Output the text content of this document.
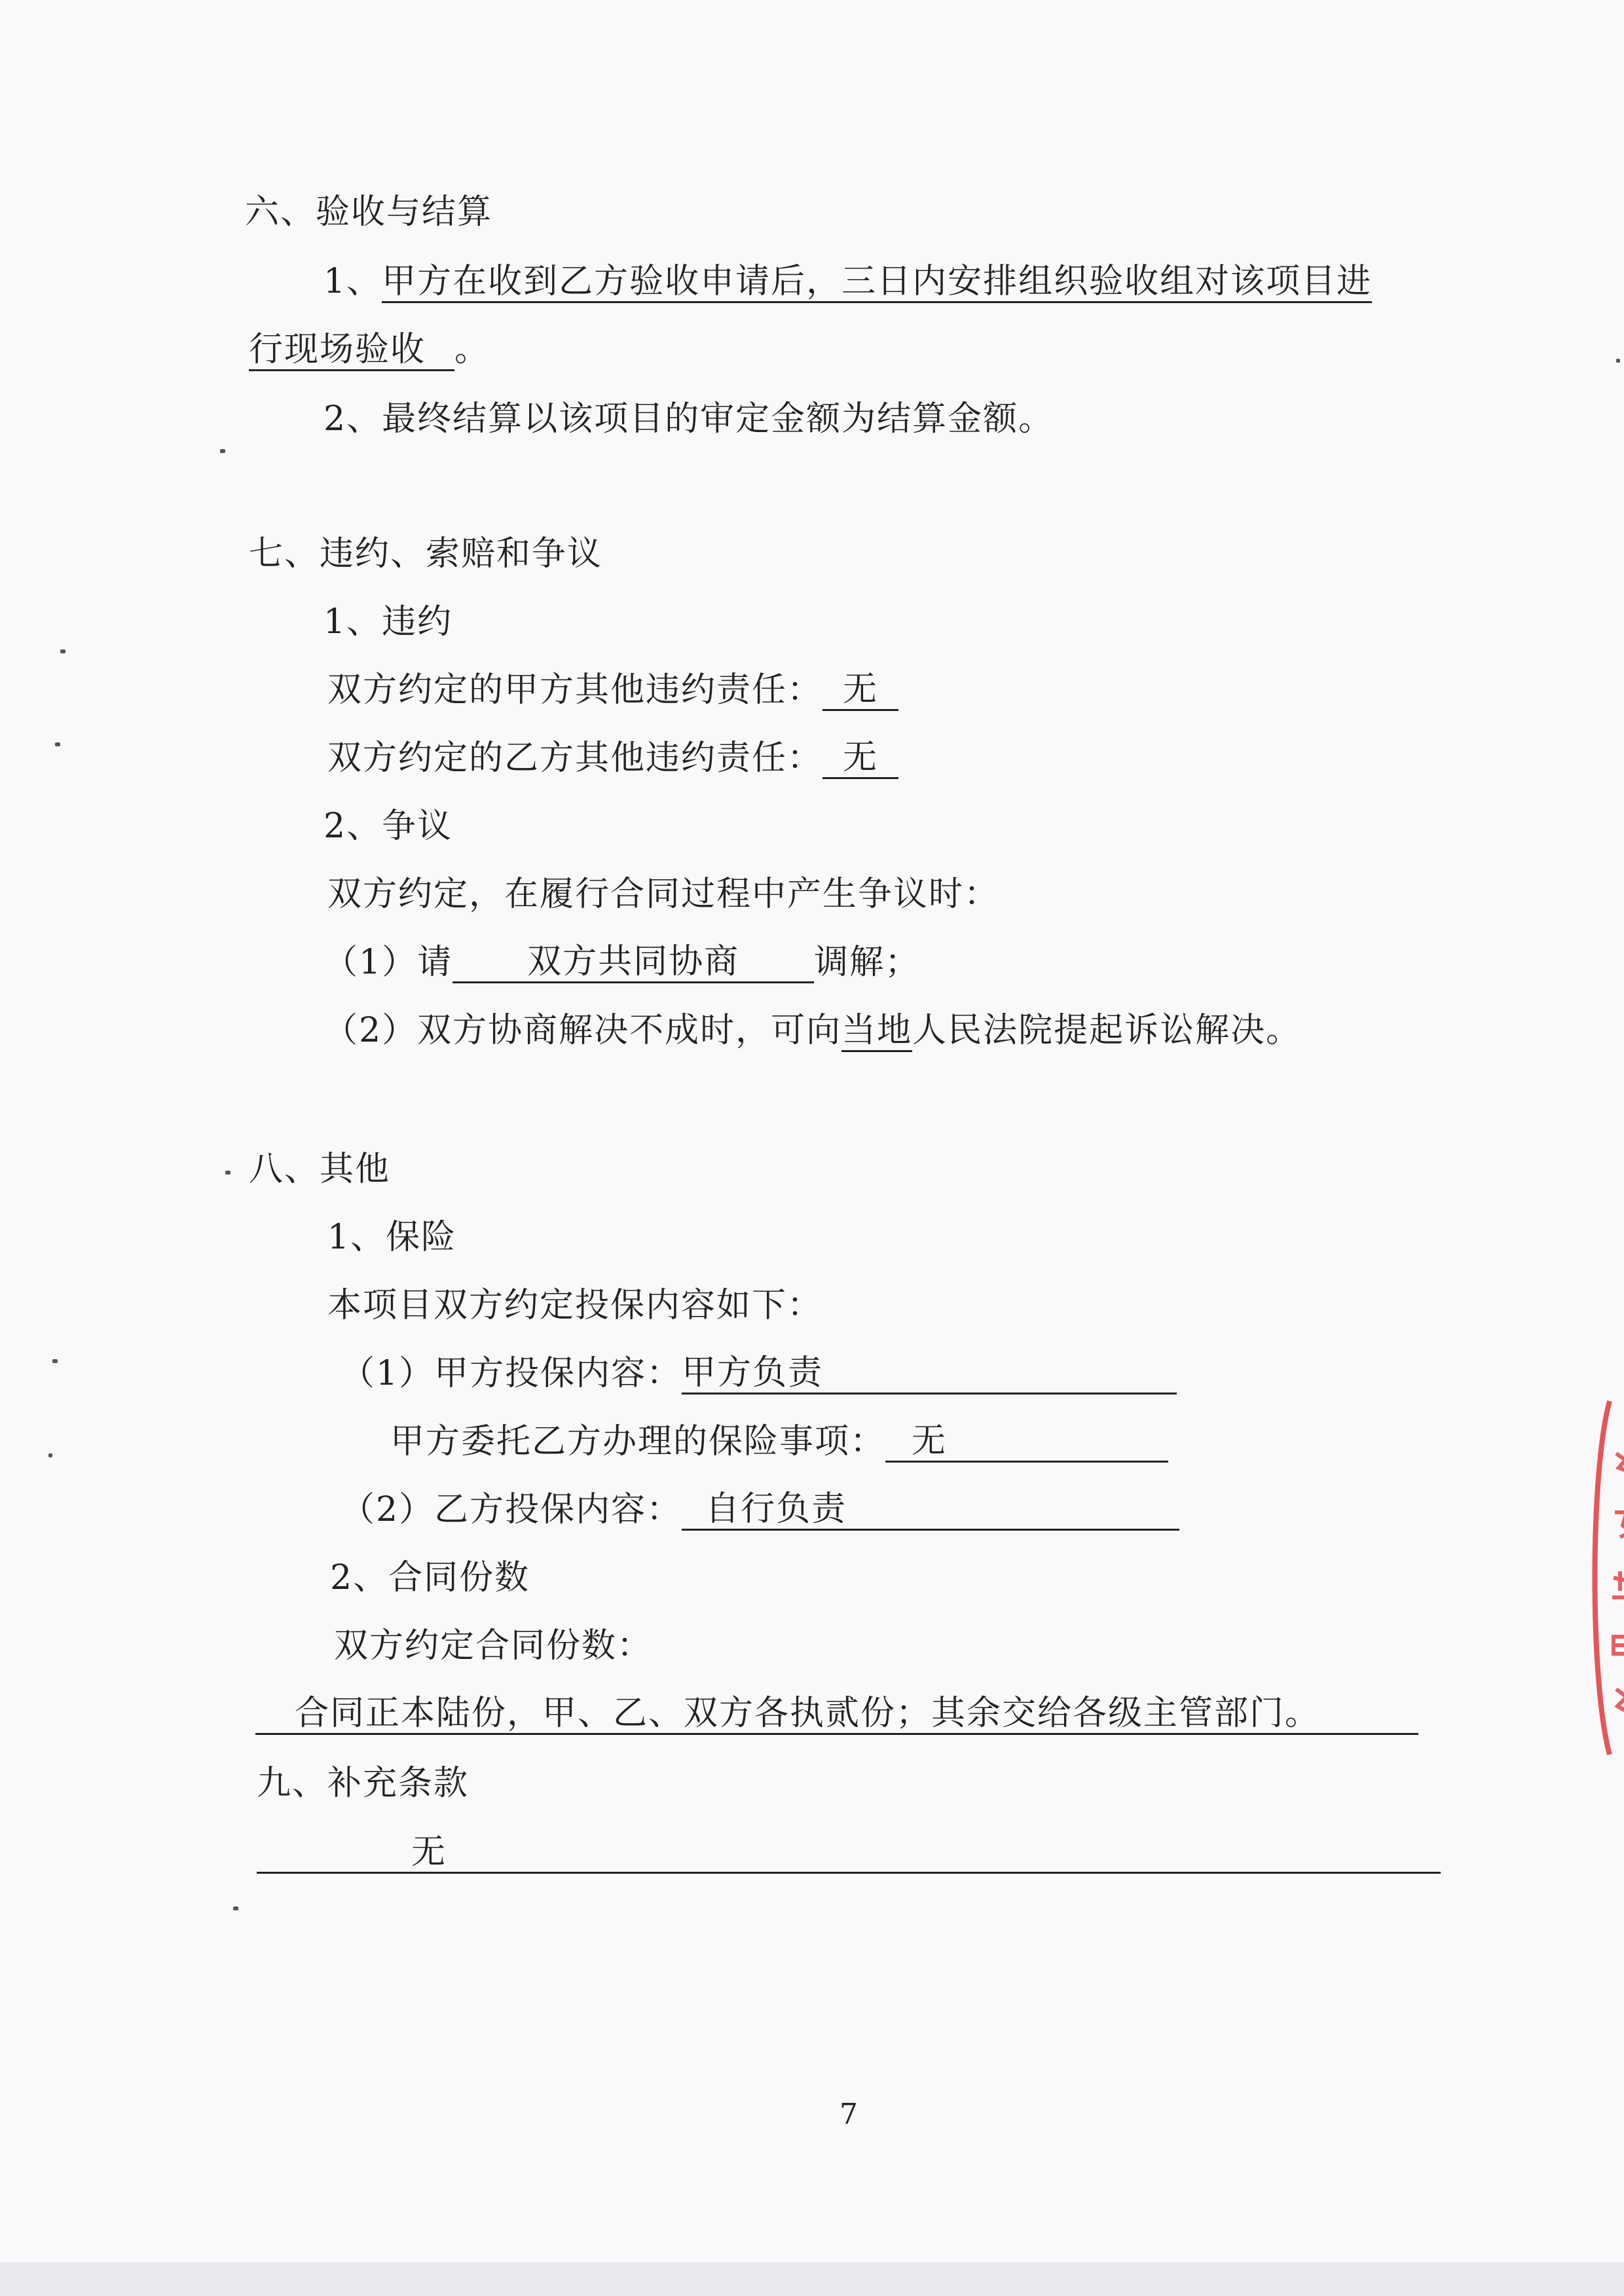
六、验收与结算
1、甲方在收到乙方验收申请后，三日内安排组织验收组对该项目进
行现场验收 。
2、最终结算以该项目的审定金额为结算金额。
七、违约、索赔和争议
1、违约
双方约定的甲方其他违约责任： 无
双方约定的乙方其他违约责任： 无
2、争议
双方约定，在履行合同过程中产生争议时：
（1）请 双方共同协商 调解；
（2）双方协商解决不成时，可向当地人民法院提起诉讼解决。
八、其他
1、保险
本项目双方约定投保内容如下：
（1）甲方投保内容：甲方负责
甲方委托乙方办理的保险事项： 无
（2）乙方投保内容： 自行负责
2、合同份数
双方约定合同份数：
合同正本陆份，甲、乙、双方各执贰份；其余交给各级主管部门。
九、补充条款
无
7
